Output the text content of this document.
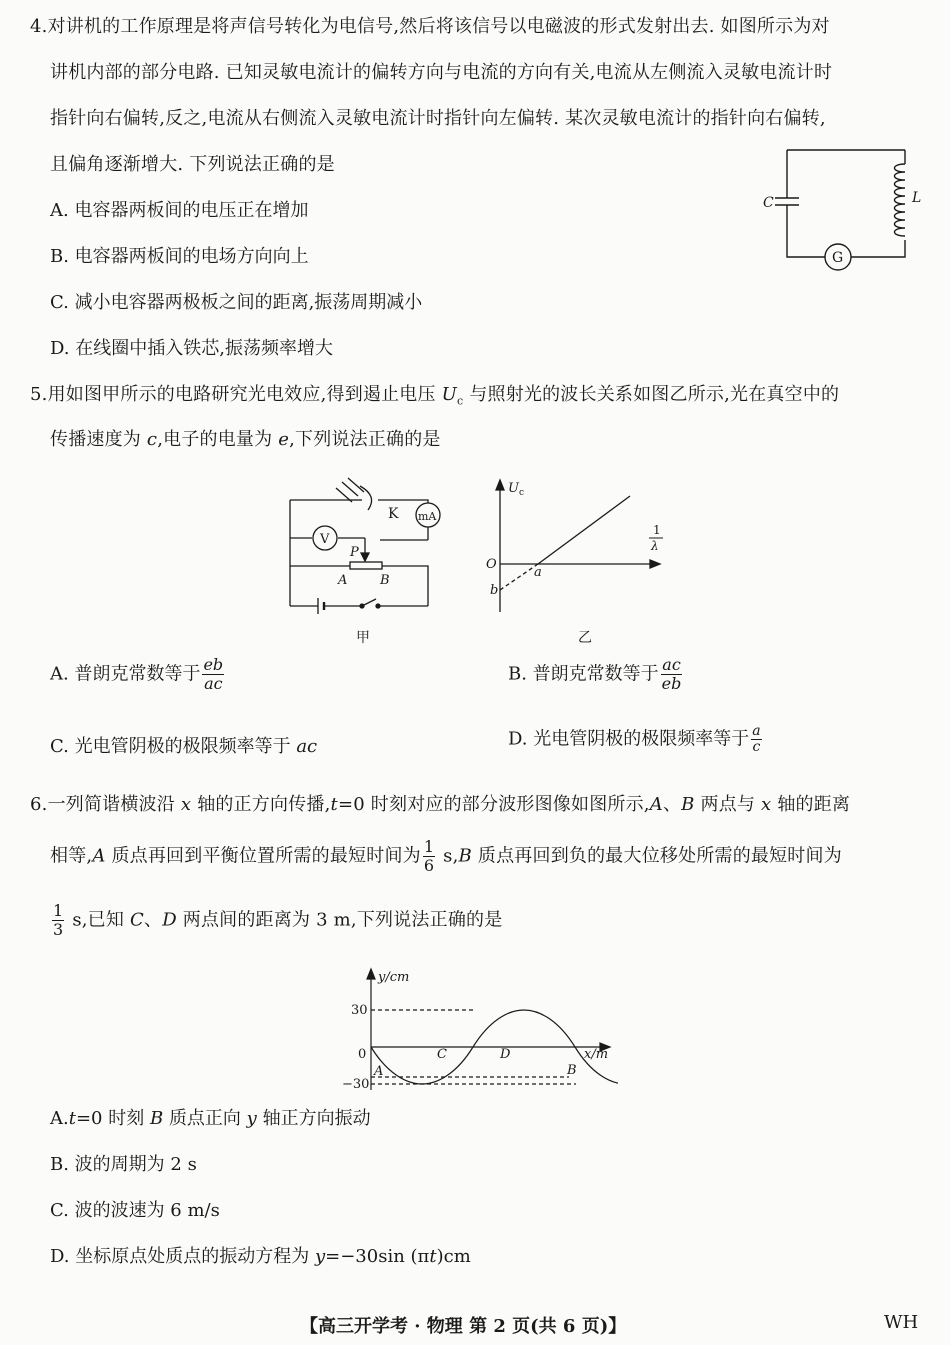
4.对讲机的工作原理是将声信号转化为电信号,然后将该信号以电磁波的形式发射出去. 如图所示为对
讲机内部的部分电路. 已知灵敏电流计的偏转方向与电流的方向有关,电流从左侧流入灵敏电流计时
指针向右偏转,反之,电流从右侧流入灵敏电流计时指针向左偏转. 某次灵敏电流计的指针向右偏转,
且偏角逐渐增大. 下列说法正确的是
A. 电容器两板间的电压正在增加
B. 电容器两板间的电场方向向上
C. 减小电容器两极板之间的距离,振荡周期减小
D. 在线圈中插入铁芯,振荡频率增大
C	L
G
5.用如图甲所示的电路研究光电效应,得到遏止电压 $U_c$ 与照射光的波长关系如图乙所示,光在真空中的
传播速度为 c,电子的电量为 e,下列说法正确的是
K mA
V
P
A	B
甲
$U_c$
O
a
b
1
λ
乙
A. 普朗克常数等于 $\frac{eb}{ac}$	B. 普朗克常数等于 $\frac{ac}{eb}$
C. 光电管阴极的极限频率等于 ac	D. 光电管阴极的极限频率等于 $\frac{a}{c}$
6.一列简谐横波沿 x 轴的正方向传播,t=0 时刻对应的部分波形图像如图所示,A、B 两点与 x 轴的距离
相等,A 质点再回到平衡位置所需的最短时间为 $\frac{1}{6} s,B$ 质点再回到负的最大位移处所需的最短时间为
$\frac{1}{3} s$,已知 C、D 两点间的距离为 3 m,下列说法正确的是
y/cm
x/m
30
0
−30
A	B
C	D
A.t=0 时刻 B 质点正向 y 轴正方向振动
B. 波的周期为 2 s
C. 波的波速为 6 m/s
D. 坐标原点处质点的振动方程为 y=−30sin (πt)cm
【高三开学考 · 物理 第 2 页(共 6 页)】	WH
